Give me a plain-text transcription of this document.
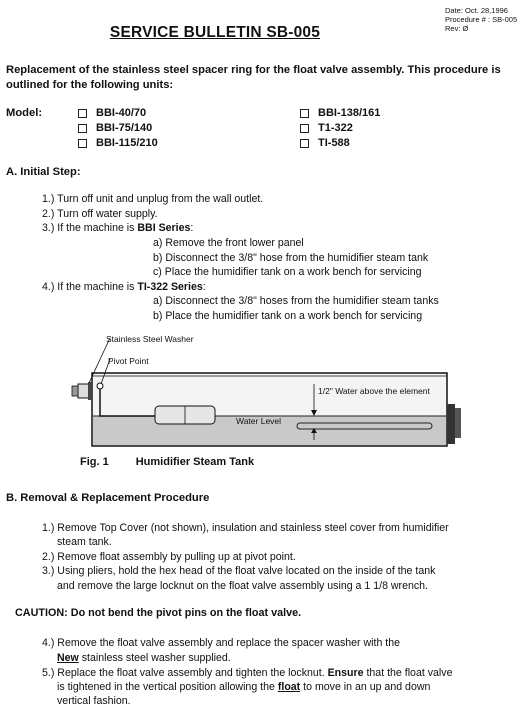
Date: Oct. 28,1996
Procedure # : SB-005
Rev: Ø
SERVICE BULLETIN SB-005
Replacement of the stainless steel spacer ring for the float valve assembly. This procedure is outlined for the following units:
Model:	BBI-40/70
BBI-75/140
BBI-115/210
BBI-138/161
T1-322
TI-588
A. Initial Step:
1.) Turn off unit and unplug from the wall outlet.
2.) Turn off water supply.
3.) If the machine is BBI Series:
a) Remove the front lower panel
b) Disconnect the 3/8" hose from the humidifier steam tank
c) Place the humidifier tank on a work bench for servicing
4.) If the machine is TI-322 Series:
a) Disconnect the 3/8" hoses from the humidifier steam tanks
b) Place the humidifier tank on a work bench for servicing
Stainless Steel Washer
Pivot Point
1/2" Water above the element
Water Level
Fig. 1 Humidifier Steam Tank
B. Removal & Replacement Procedure
1.) Remove Top Cover (not shown), insulation and stainless steel cover from humidifier
steam tank.
2.) Remove float assembly by pulling up at pivot point.
3.) Using pliers, hold the hex head of the float valve located on the inside of the tank
and remove the large locknut on the float valve assembly using a 1 1/8 wrench.
CAUTION: Do not bend the pivot pins on the float valve.
4.) Remove the float valve assembly and replace the spacer washer with the
New stainless steel washer supplied.
5.) Replace the float valve assembly and tighten the locknut. Ensure that the float valve
is tightened in the vertical position allowing the float to move in an up and down
vertical fashion.
